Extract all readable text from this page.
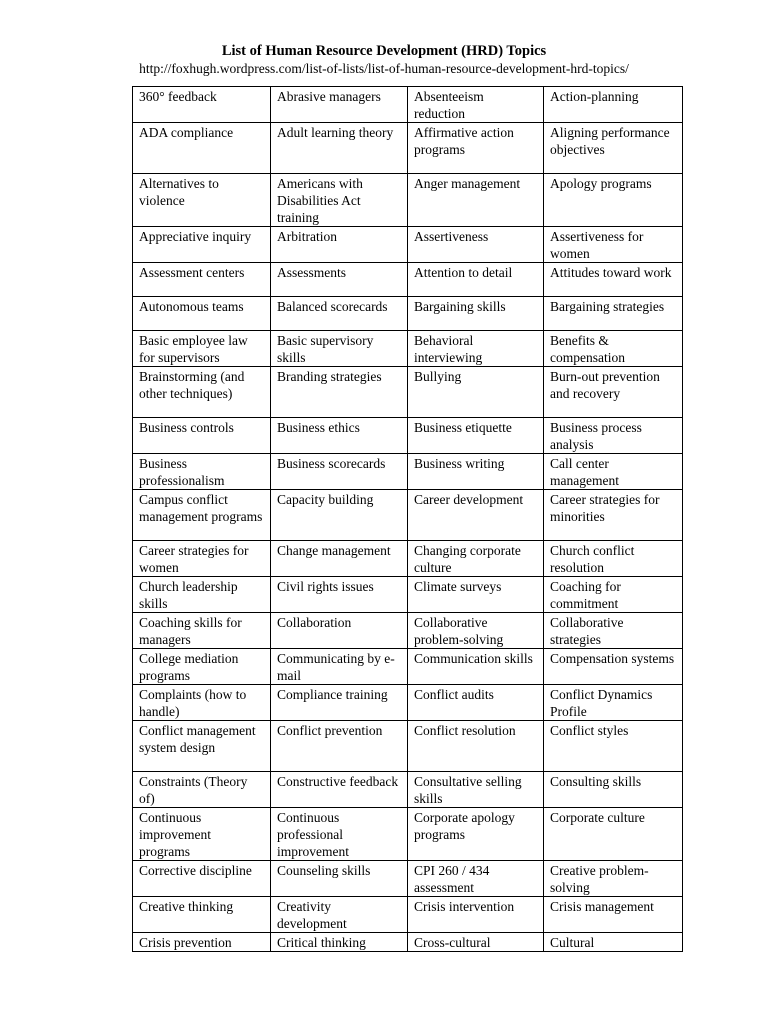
List of Human Resource Development (HRD) Topics
http://foxhugh.wordpress.com/list-of-lists/list-of-human-resource-development-hrd-topics/
360° feedback	Abrasive managers	Absenteeism reduction	Action-planning
ADA compliance	Adult learning theory	Affirmative action programs	Aligning performance objectives
Alternatives to violence	Americans with Disabilities Act training	Anger management	Apology programs
Appreciative inquiry	Arbitration	Assertiveness	Assertiveness for women
Assessment centers	Assessments	Attention to detail	Attitudes toward work
Autonomous teams	Balanced scorecards	Bargaining skills	Bargaining strategies
Basic employee law for supervisors	Basic supervisory skills	Behavioral interviewing	Benefits & compensation
Brainstorming (and other techniques)	Branding strategies	Bullying	Burn-out prevention and recovery
Business controls	Business ethics	Business etiquette	Business process analysis
Business professionalism	Business scorecards	Business writing	Call center management
Campus conflict management programs	Capacity building	Career development	Career strategies for minorities
Career strategies for women	Change management	Changing corporate culture	Church conflict resolution
Church leadership skills	Civil rights issues	Climate surveys	Coaching for commitment
Coaching skills for managers	Collaboration	Collaborative problem-solving	Collaborative strategies
College mediation programs	Communicating by e-mail	Communication skills	Compensation systems
Complaints (how to handle)	Compliance training	Conflict audits	Conflict Dynamics Profile
Conflict management system design	Conflict prevention	Conflict resolution	Conflict styles
Constraints (Theory of)	Constructive feedback	Consultative selling skills	Consulting skills
Continuous improvement programs	Continuous professional improvement	Corporate apology programs	Corporate culture
Corrective discipline	Counseling skills	CPI 260 / 434 assessment	Creative problem-solving
Creative thinking	Creativity development	Crisis intervention	Crisis management
Crisis prevention	Critical thinking	Cross-cultural	Cultural
